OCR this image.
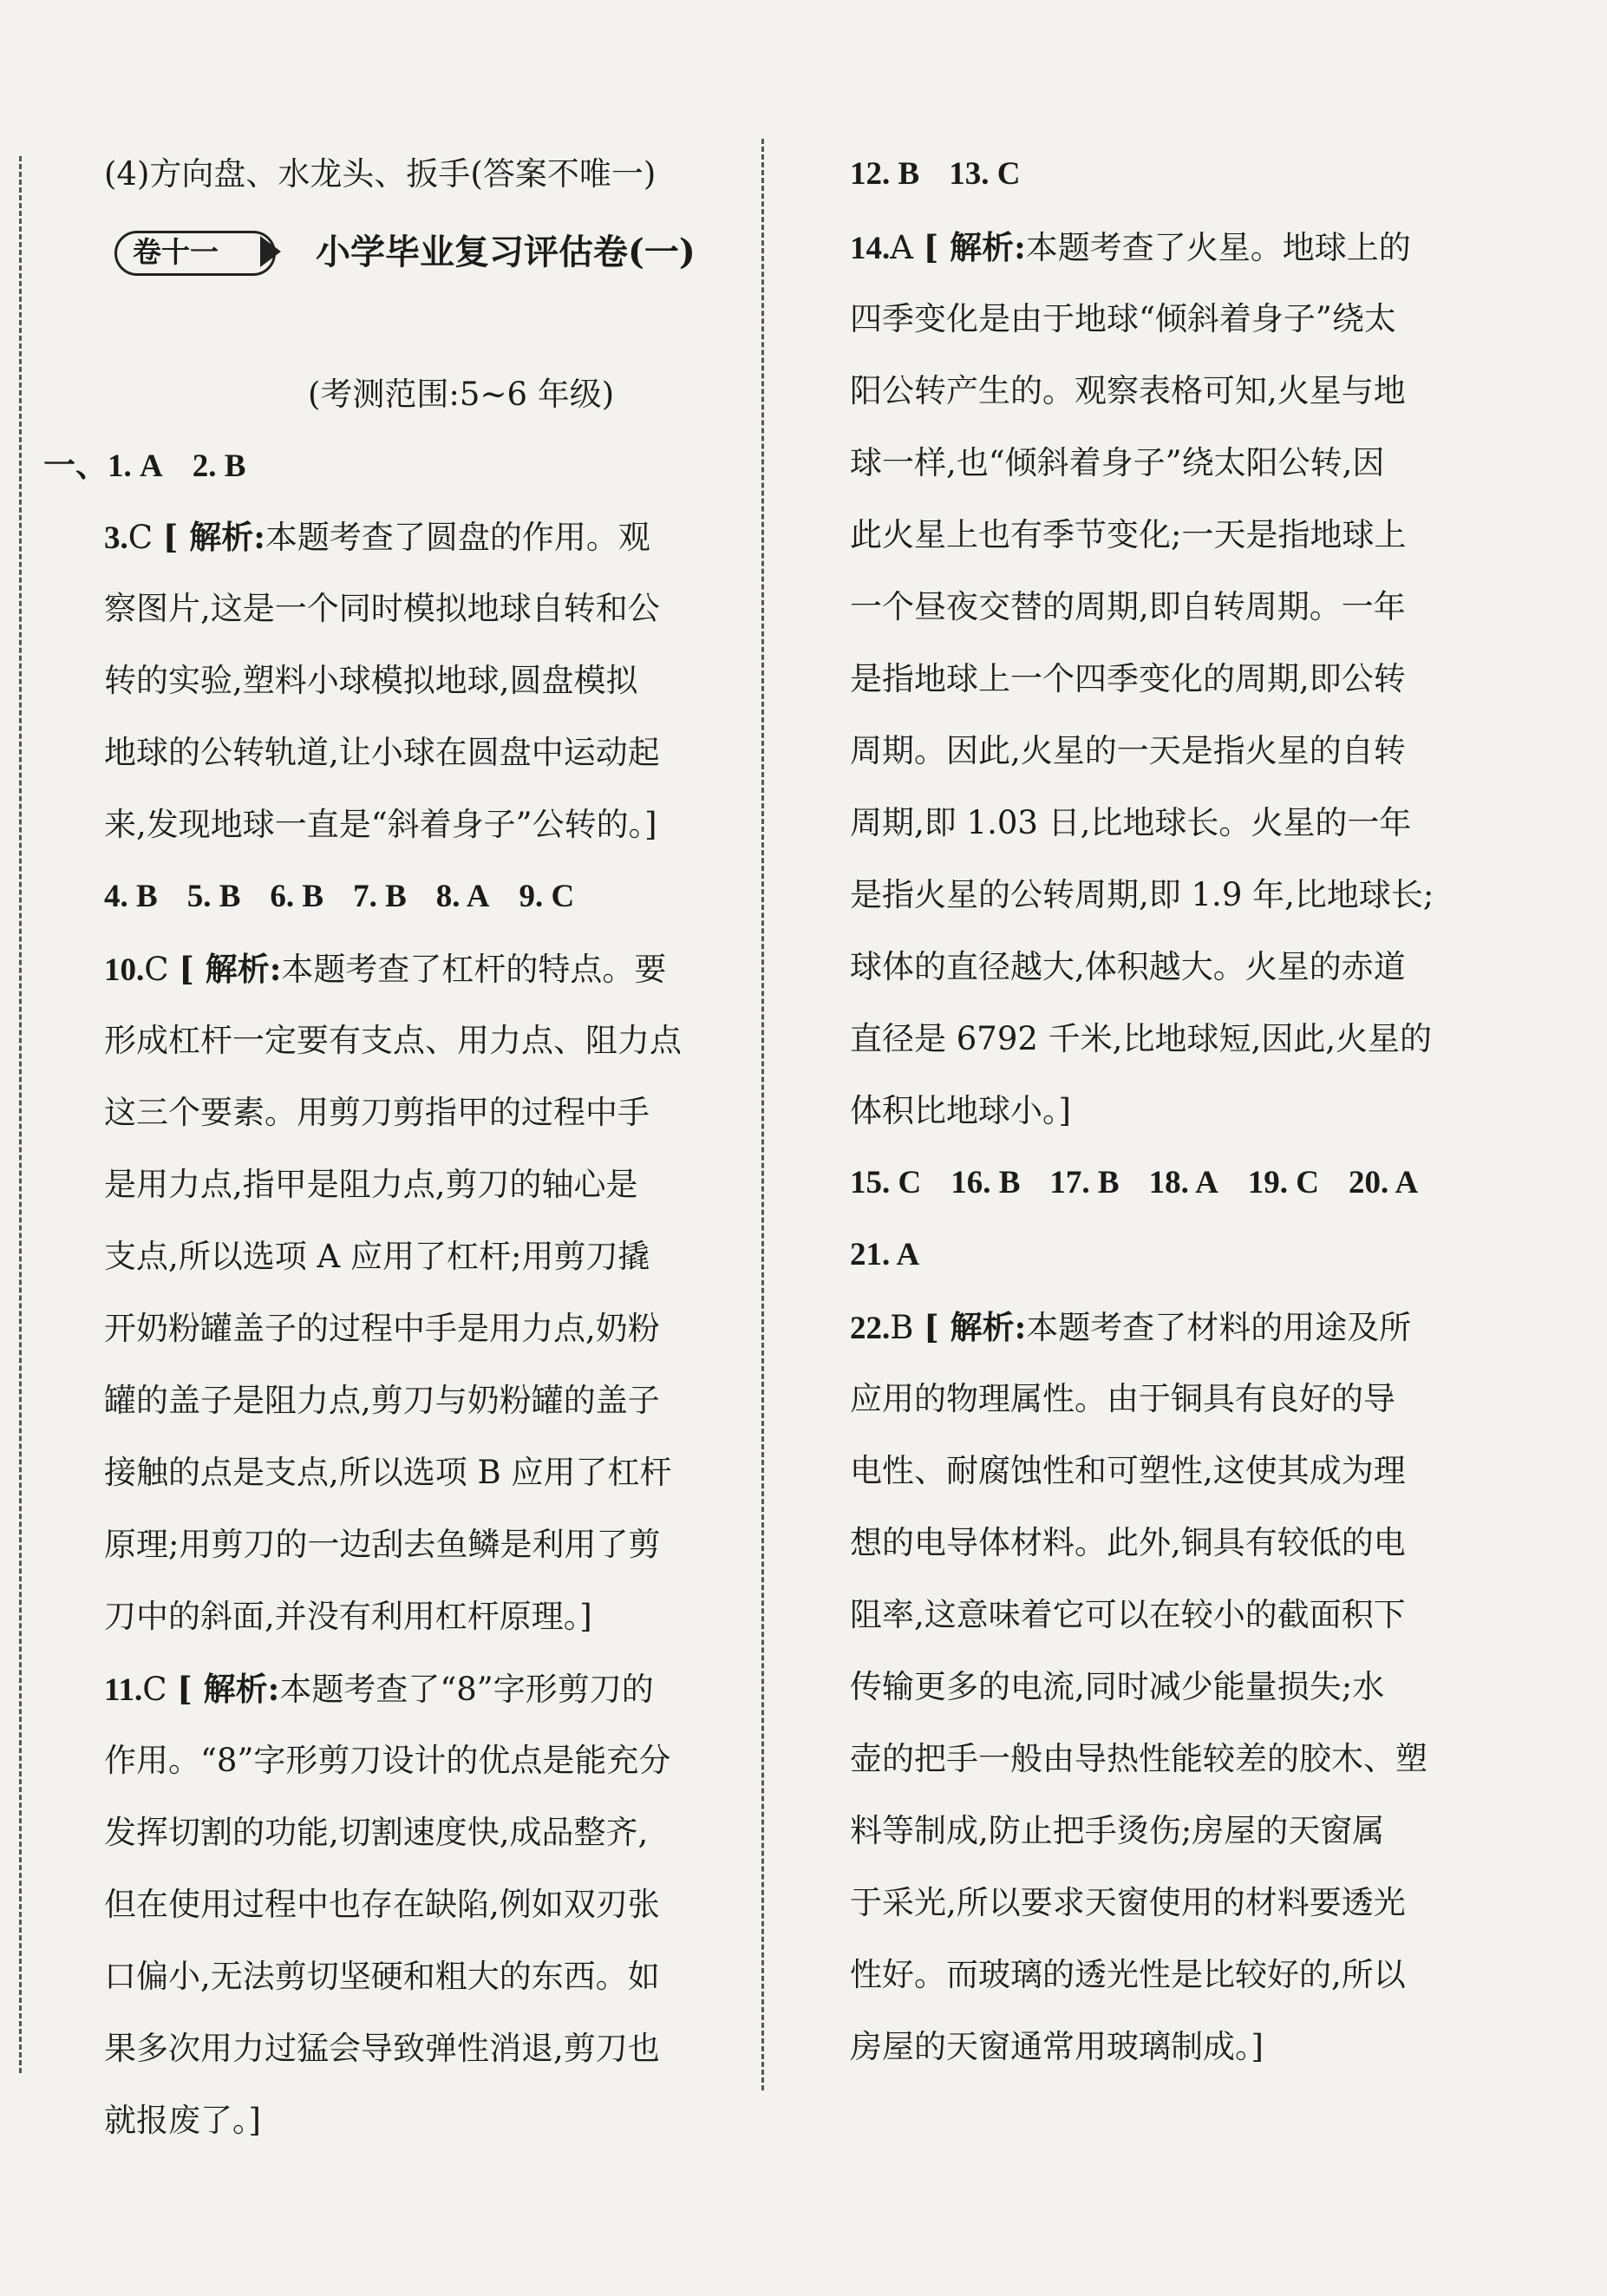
(4)方向盘、水龙头、扳手(答案不唯一)
(考测范围:5~6 年级)
一、1. A 2. B
3.C [ 解析:本题考查了圆盘的作用。观
察图片,这是一个同时模拟地球自转和公
转的实验,塑料小球模拟地球,圆盘模拟
地球的公转轨道,让小球在圆盘中运动起
来,发现地球一直是“斜着身子”公转的。]
4. B 5. B 6. B 7. B 8. A 9. C
10.C [ 解析:本题考查了杠杆的特点。要
形成杠杆一定要有支点、用力点、阻力点
这三个要素。用剪刀剪指甲的过程中手
是用力点,指甲是阻力点,剪刀的轴心是
支点,所以选项 A 应用了杠杆;用剪刀撬
开奶粉罐盖子的过程中手是用力点,奶粉
罐的盖子是阻力点,剪刀与奶粉罐的盖子
接触的点是支点,所以选项 B 应用了杠杆
原理;用剪刀的一边刮去鱼鳞是利用了剪
刀中的斜面,并没有利用杠杆原理。]
11.C [ 解析:本题考查了“8”字形剪刀的
作用。“8”字形剪刀设计的优点是能充分
发挥切割的功能,切割速度快,成品整齐,
但在使用过程中也存在缺陷,例如双刃张
口偏小,无法剪切坚硬和粗大的东西。如
果多次用力过猛会导致弹性消退,剪刀也
就报废了。]
卷十一	小学毕业复习评估卷(一)
12. B 13. C
14.A [ 解析:本题考查了火星。地球上的
四季变化是由于地球“倾斜着身子”绕太
阳公转产生的。观察表格可知,火星与地
球一样,也“倾斜着身子”绕太阳公转,因
此火星上也有季节变化;一天是指地球上
一个昼夜交替的周期,即自转周期。一年
是指地球上一个四季变化的周期,即公转
周期。因此,火星的一天是指火星的自转
周期,即 1.03 日,比地球长。火星的一年
是指火星的公转周期,即 1.9 年,比地球长;
球体的直径越大,体积越大。火星的赤道
直径是 6792 千米,比地球短,因此,火星的
体积比地球小。]
15. C 16. B 17. B 18. A 19. C 20. A
21. A
22.B [ 解析:本题考查了材料的用途及所
应用的物理属性。由于铜具有良好的导
电性、耐腐蚀性和可塑性,这使其成为理
想的电导体材料。此外,铜具有较低的电
阻率,这意味着它可以在较小的截面积下
传输更多的电流,同时减少能量损失;水
壶的把手一般由导热性能较差的胶木、塑
料等制成,防止把手烫伤;房屋的天窗属
于采光,所以要求天窗使用的材料要透光
性好。而玻璃的透光性是比较好的,所以
房屋的天窗通常用玻璃制成。]
